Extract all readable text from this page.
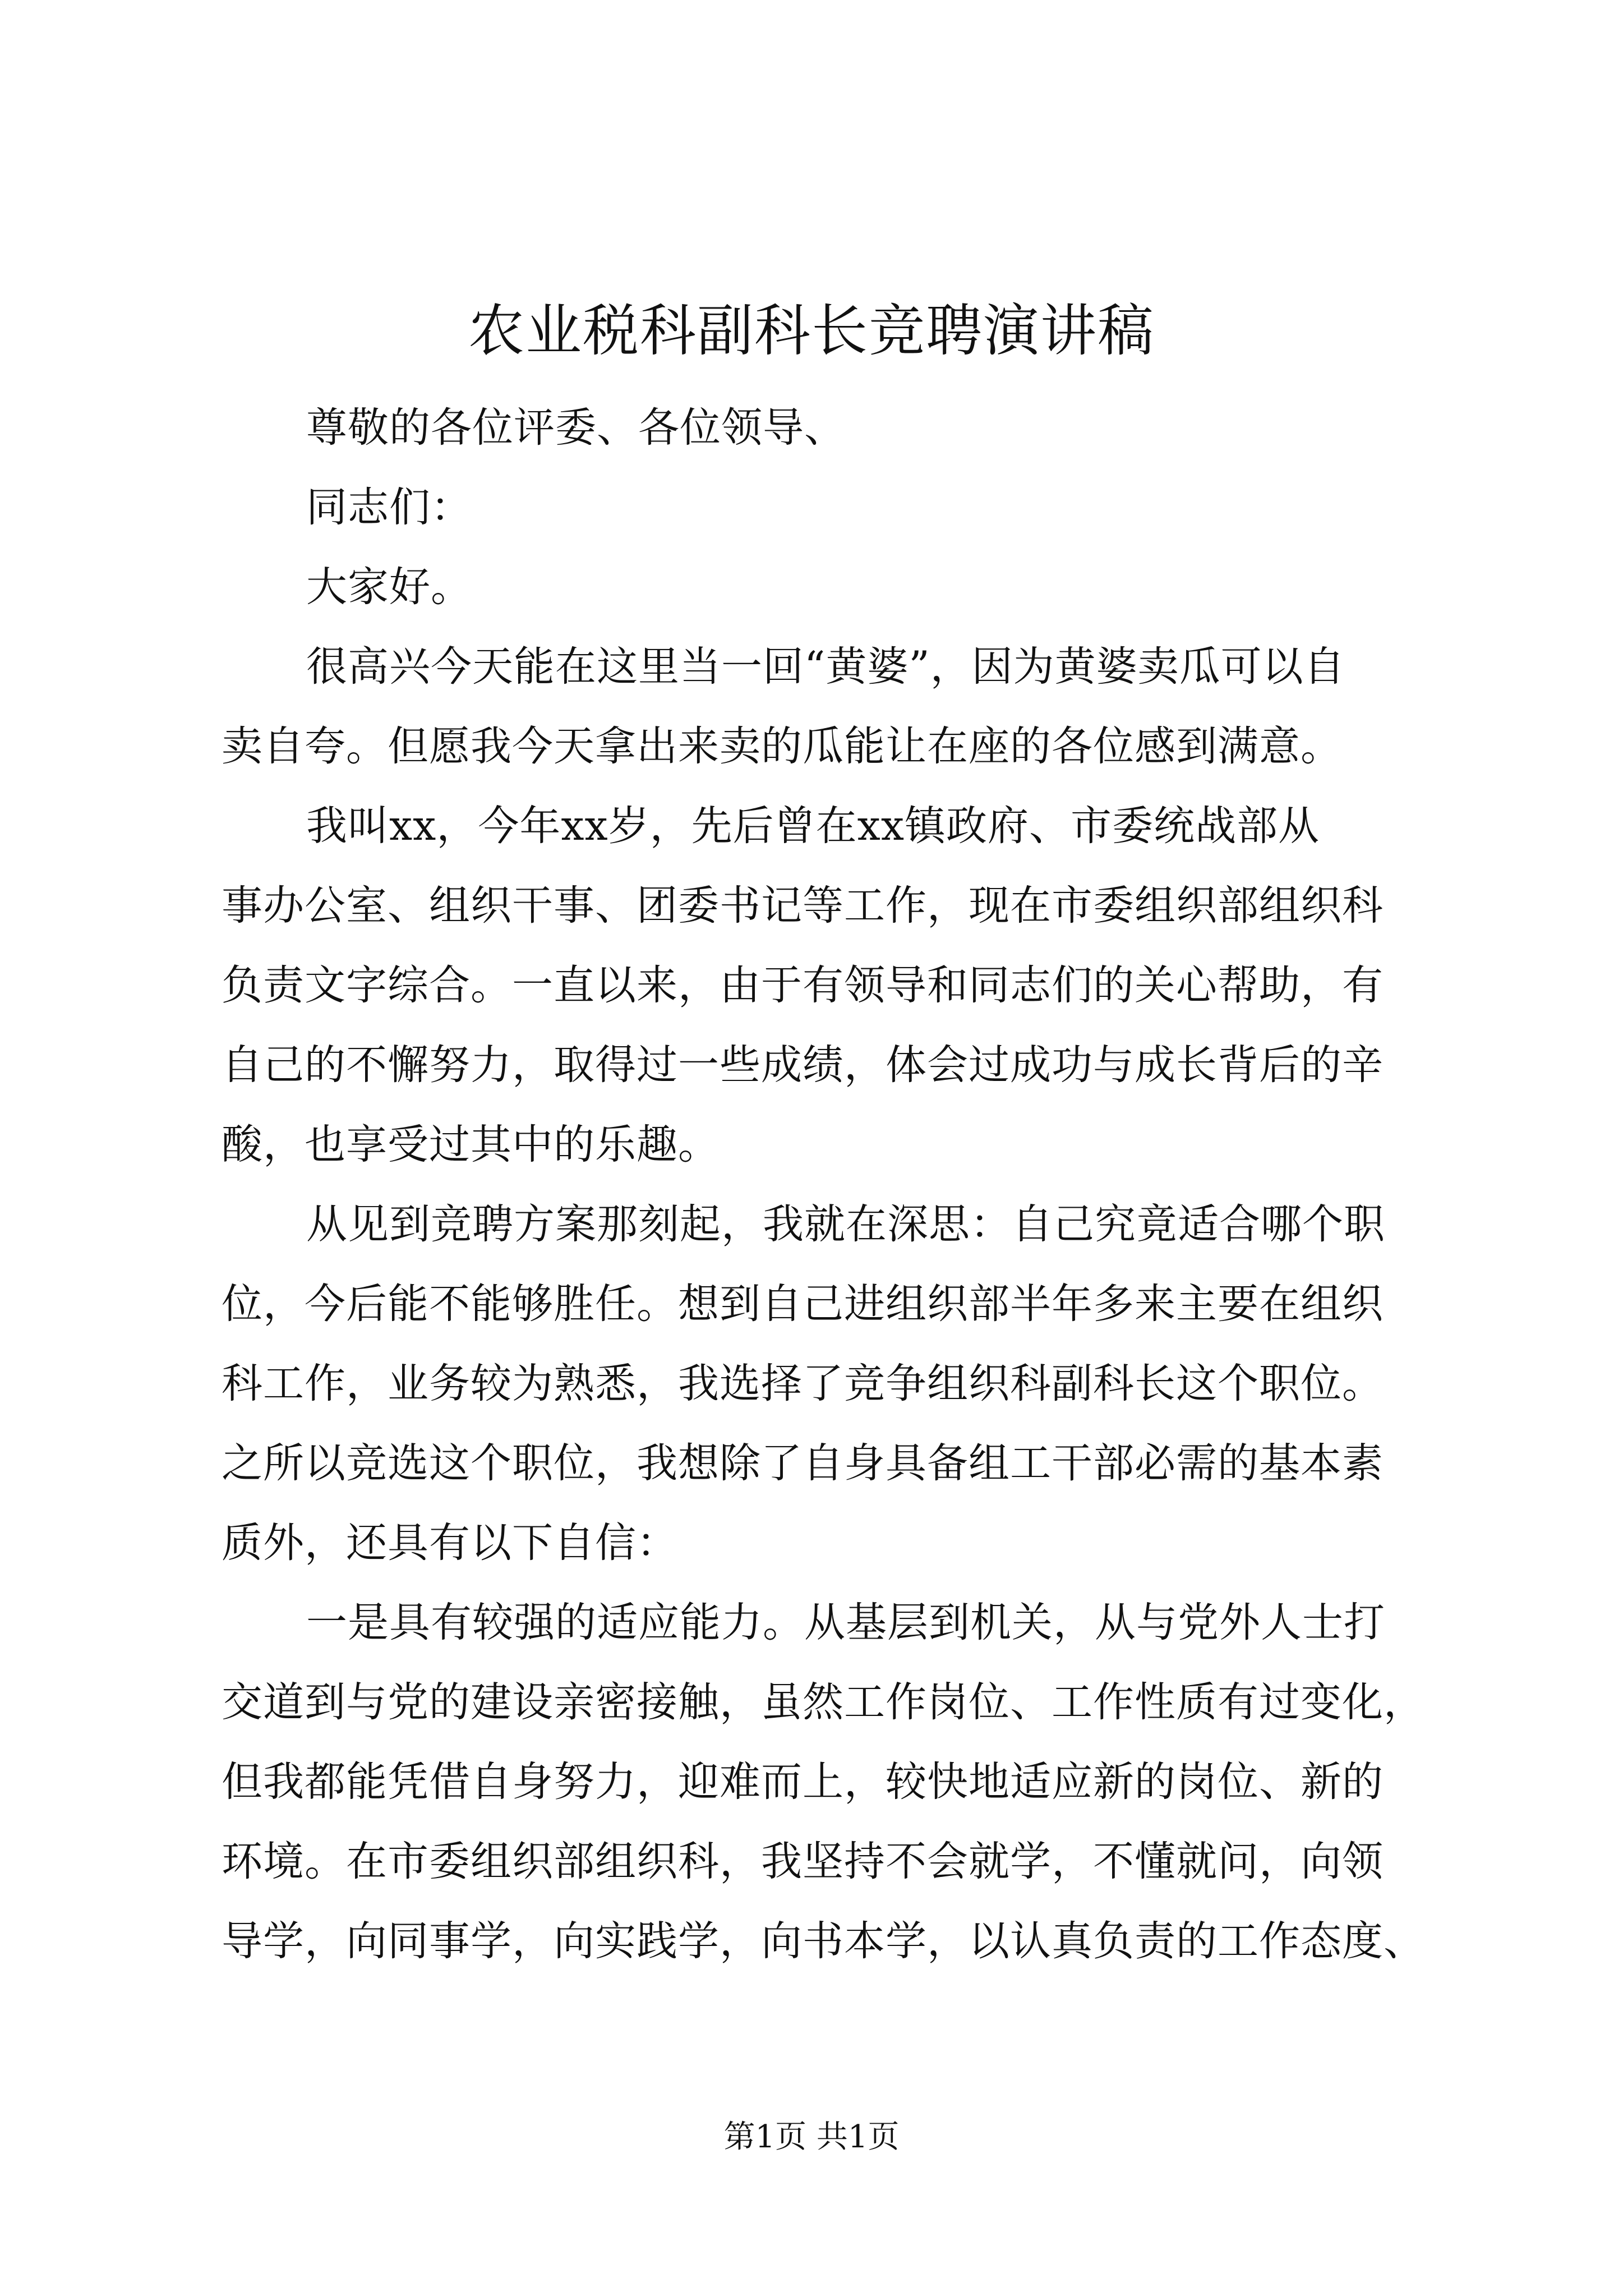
农业税科副科长竞聘演讲稿
尊敬的各位评委、各位领导、
同志们：
大家好。
很高兴今天能在这里当一回“黄婆”，因为黄婆卖瓜可以自
卖自夸。但愿我今天拿出来卖的瓜能让在座的各位感到满意。
我叫xx，今年xx岁，先后曾在xx镇政府、市委统战部从
事办公室、组织干事、团委书记等工作，现在市委组织部组织科
负责文字综合。一直以来，由于有领导和同志们的关心帮助，有
自己的不懈努力，取得过一些成绩，体会过成功与成长背后的辛
酸，也享受过其中的乐趣。
从见到竞聘方案那刻起，我就在深思：自己究竟适合哪个职
位，今后能不能够胜任。想到自己进组织部半年多来主要在组织
科工作，业务较为熟悉，我选择了竞争组织科副科长这个职位。
之所以竞选这个职位，我想除了自身具备组工干部必需的基本素
质外，还具有以下自信：
一是具有较强的适应能力。从基层到机关，从与党外人士打
交道到与党的建设亲密接触，虽然工作岗位、工作性质有过变化，
但我都能凭借自身努力，迎难而上，较快地适应新的岗位、新的
环境。在市委组织部组织科，我坚持不会就学，不懂就问，向领
导学，向同事学，向实践学，向书本学，以认真负责的工作态度、
第1页 共1页
